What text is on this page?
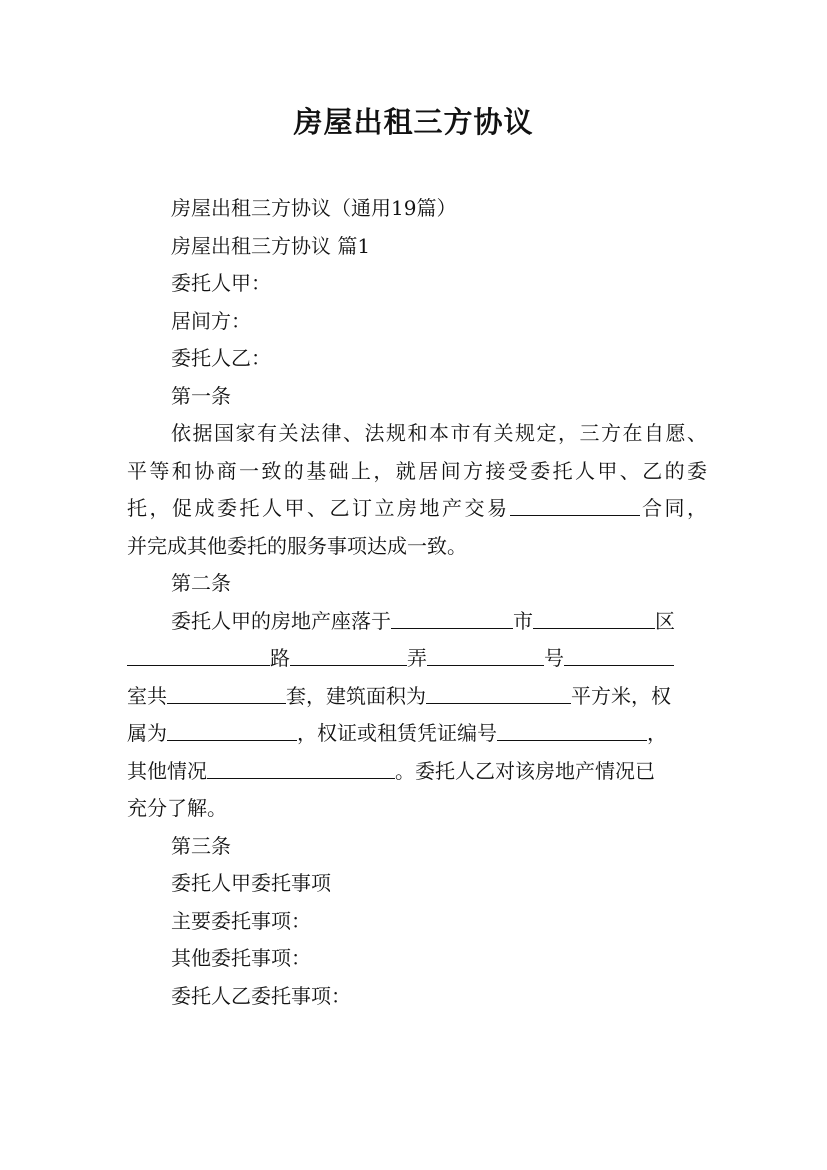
房屋出租三方协议
房屋出租三方协议（通用19篇）
房屋出租三方协议 篇1
委托人甲：
居间方：
委托人乙：
第一条
依据国家有关法律、法规和本市有关规定，三方在自愿、
平等和协商一致的基础上，就居间方接受委托人甲、乙的委
托，促成委托人甲、乙订立房地产交易	合同，
并完成其他委托的服务事项达成一致。
第二条
委托人甲的房地产座落于	市	区
路	弄	号
室共	套，建筑面积为	平方米，权
属为	，权证或租赁凭证编号	，
其他情况	。委托人乙对该房地产情况已
充分了解。
第三条
委托人甲委托事项
主要委托事项：
其他委托事项：
委托人乙委托事项：
